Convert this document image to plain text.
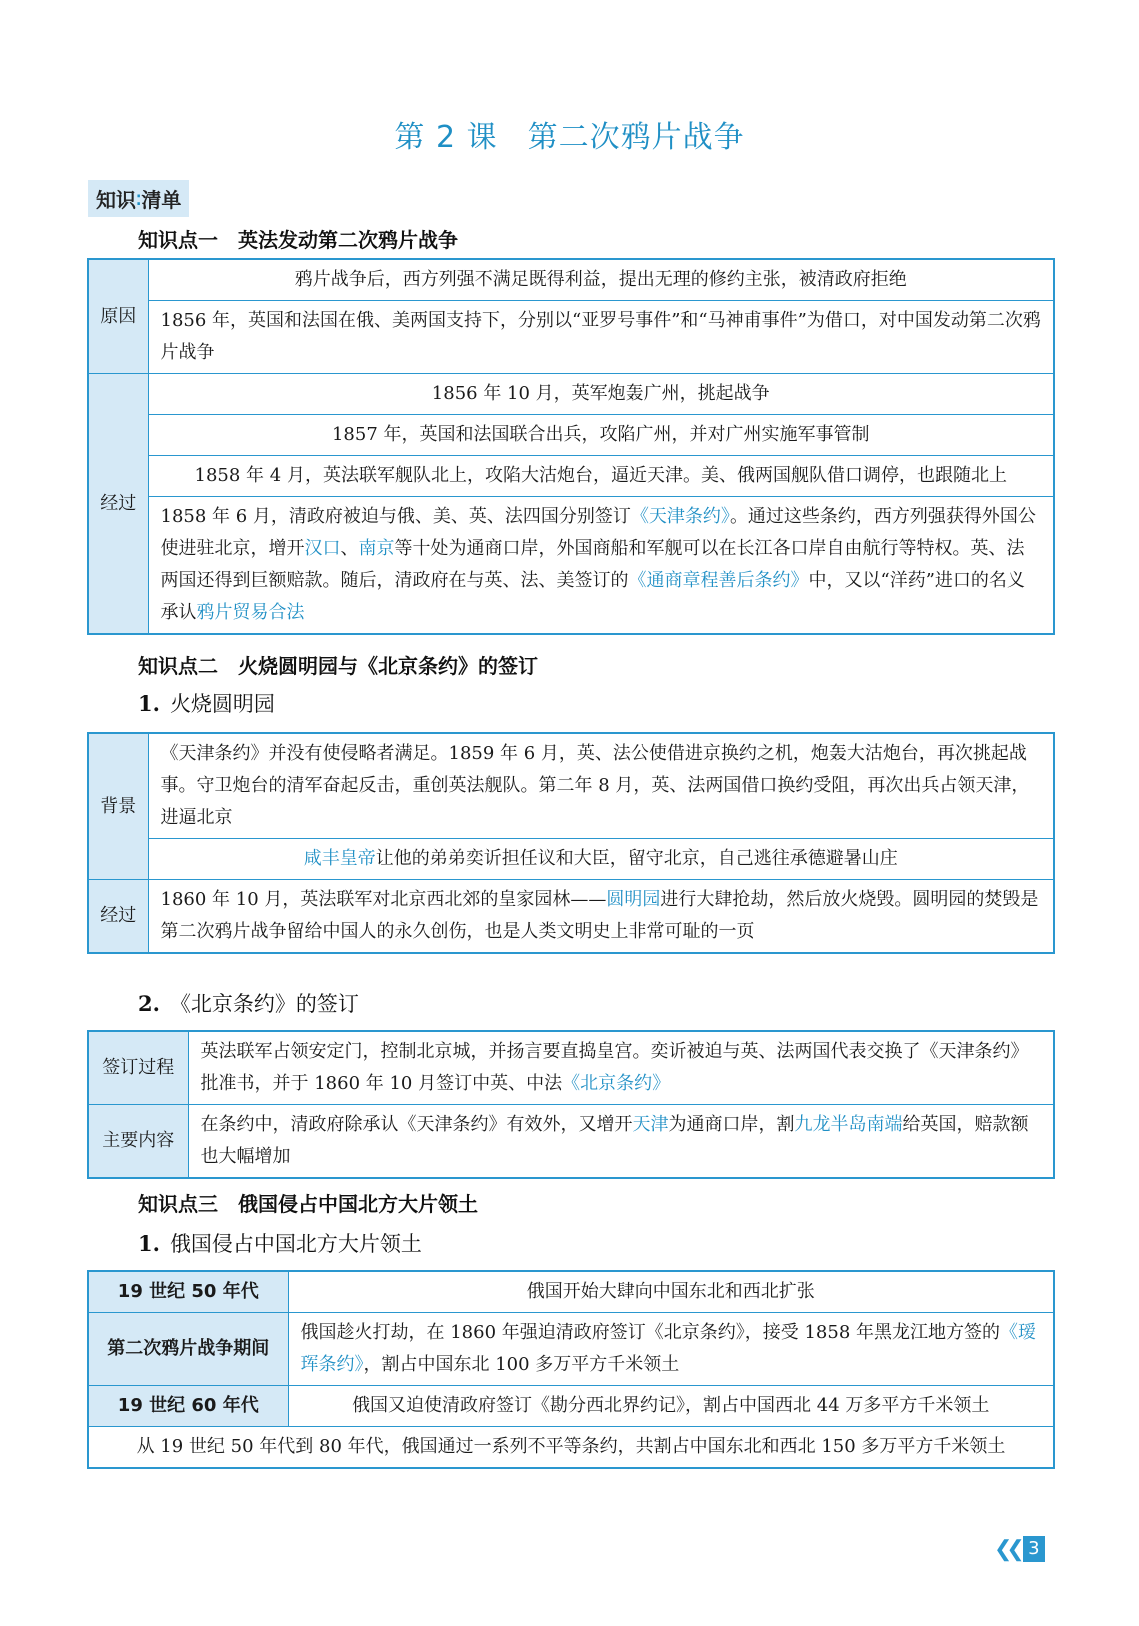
第 2 课 第二次鸦片战争
知识⁚清单
知识点一　英法发动第二次鸦片战争
原因	鸦片战争后，西方列强不满足既得利益，提出无理的修约主张，被清政府拒绝
	1856 年，英国和法国在俄、美两国支持下，分别以“亚罗号事件”和“马神甫事件”为借口，对中国发动第二次鸦片战争
经过	1856 年 10 月，英军炮轰广州，挑起战争
	1857 年，英国和法国联合出兵，攻陷广州，并对广州实施军事管制
	1858 年 4 月，英法联军舰队北上，攻陷大沽炮台，逼近天津。美、俄两国舰队借口调停，也跟随北上
	1858 年 6 月，清政府被迫与俄、美、英、法四国分别签订《天津条约》。通过这些条约，西方列强获得外国公使进驻北京，增开汉口、南京等十处为通商口岸，外国商船和军舰可以在长江各口岸自由航行等特权。英、法两国还得到巨额赔款。随后，清政府在与英、法、美签订的《通商章程善后条约》中，又以“洋药”进口的名义承认鸦片贸易合法
知识点二　火烧圆明园与《北京条约》的签订
1. 火烧圆明园
背景	《天津条约》并没有使侵略者满足。1859 年 6 月，英、法公使借进京换约之机，炮轰大沽炮台，再次挑起战事。守卫炮台的清军奋起反击，重创英法舰队。第二年 8 月，英、法两国借口换约受阻，再次出兵占领天津，进逼北京
	咸丰皇帝让他的弟弟奕䜣担任议和大臣，留守北京，自己逃往承德避暑山庄
经过	1860 年 10 月，英法联军对北京西北郊的皇家园林——圆明园进行大肆抢劫，然后放火烧毁。圆明园的焚毁是第二次鸦片战争留给中国人的永久创伤，也是人类文明史上非常可耻的一页
2. 《北京条约》的签订
签订过程	英法联军占领安定门，控制北京城，并扬言要直捣皇宫。奕䜣被迫与英、法两国代表交换了《天津条约》批准书，并于 1860 年 10 月签订中英、中法《北京条约》
主要内容	在条约中，清政府除承认《天津条约》有效外，又增开天津为通商口岸，割九龙半岛南端给英国，赔款额也大幅增加
知识点三　俄国侵占中国北方大片领土
1. 俄国侵占中国北方大片领土
19 世纪 50 年代	俄国开始大肆向中国东北和西北扩张
第二次鸦片战争期间	俄国趁火打劫，在 1860 年强迫清政府签订《北京条约》，接受 1858 年黑龙江地方签的《瑷珲条约》，割占中国东北 100 多万平方千米领土
19 世纪 60 年代	俄国又迫使清政府签订《勘分西北界约记》，割占中国西北 44 万多平方千米领土
从 19 世纪 50 年代到 80 年代，俄国通过一系列不平等条约，共割占中国东北和西北 150 多万平方千米领土	
❮❮ 3
